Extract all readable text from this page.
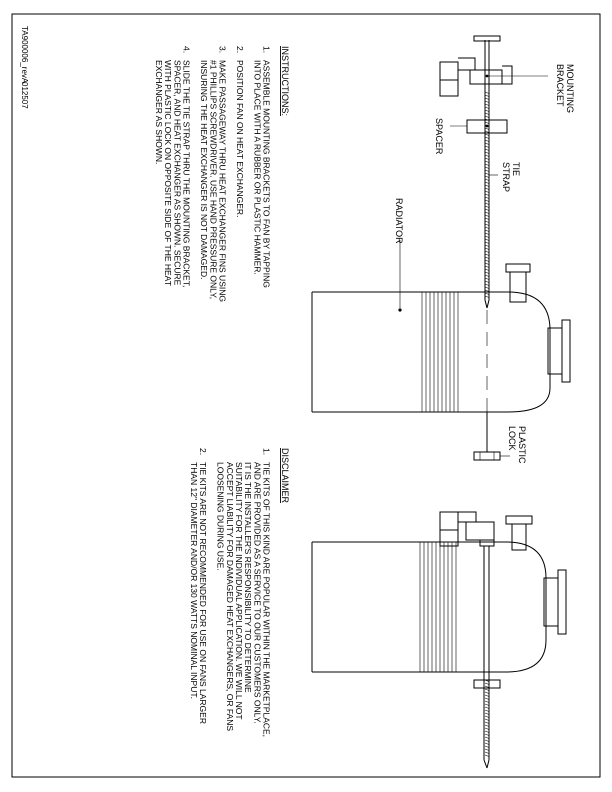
MOUNTING
BRACKET
SPACER
TIE
STRAP
RADIATOR
PLASTIC
LOCK
INSTRUCTIONS:
1.
ASSEMBLE MOUNTING BRACKETS TO FAN BY TAPPING
INTO PLACE WITH A RUBBER OR PLASTIC HAMMER.
2.
POSITION FAN ON HEAT EXCHANGER.
3.
MAKE PASSAGEWAY THRU HEAT EXCHANGER FINS USING
#1 PHILLIPS SCREWDRIVER. USE HAND PRESSURE ONLY,
INSURING THE HEAT EXCHANGER IS NOT DAMAGED.
4.
SLIDE THE TIE STRAP THRU THE MOUNTING BRACKET,
SPACER, AND HEAT EXCHANGER AS SHOWN. SECURE
WITH PLASTIC LOCK ON OPPOSITE SIDE OF THE HEAT
EXCHANGER AS SHOWN.
DISCLAIMER
1.
TIE KITS OF THIS KIND ARE POPULAR WITHIN THE MARKETPLACE,
AND ARE PROVIDED AS A SERVICE TO OUR CUSTOMERS ONLY.
IT IS THE INSTALLER'S RESPONSIBILITY TO DETERMINE
SUITABILITY FOR THE INDIVIDUAL APPLICATION. WE WILL NOT
ACCEPT LIABILITY FOR DAMAGED HEAT EXCHANGERS, OR FANS
LOOSENING DURING USE.
2.
TIE KITS ARE NOT RECOMMENDED FOR USE ON FANS LARGER
THAN 12" DIAMETER AND/OR 130 WATTS NOMINAL INPUT.
TA900006_revA
012507
